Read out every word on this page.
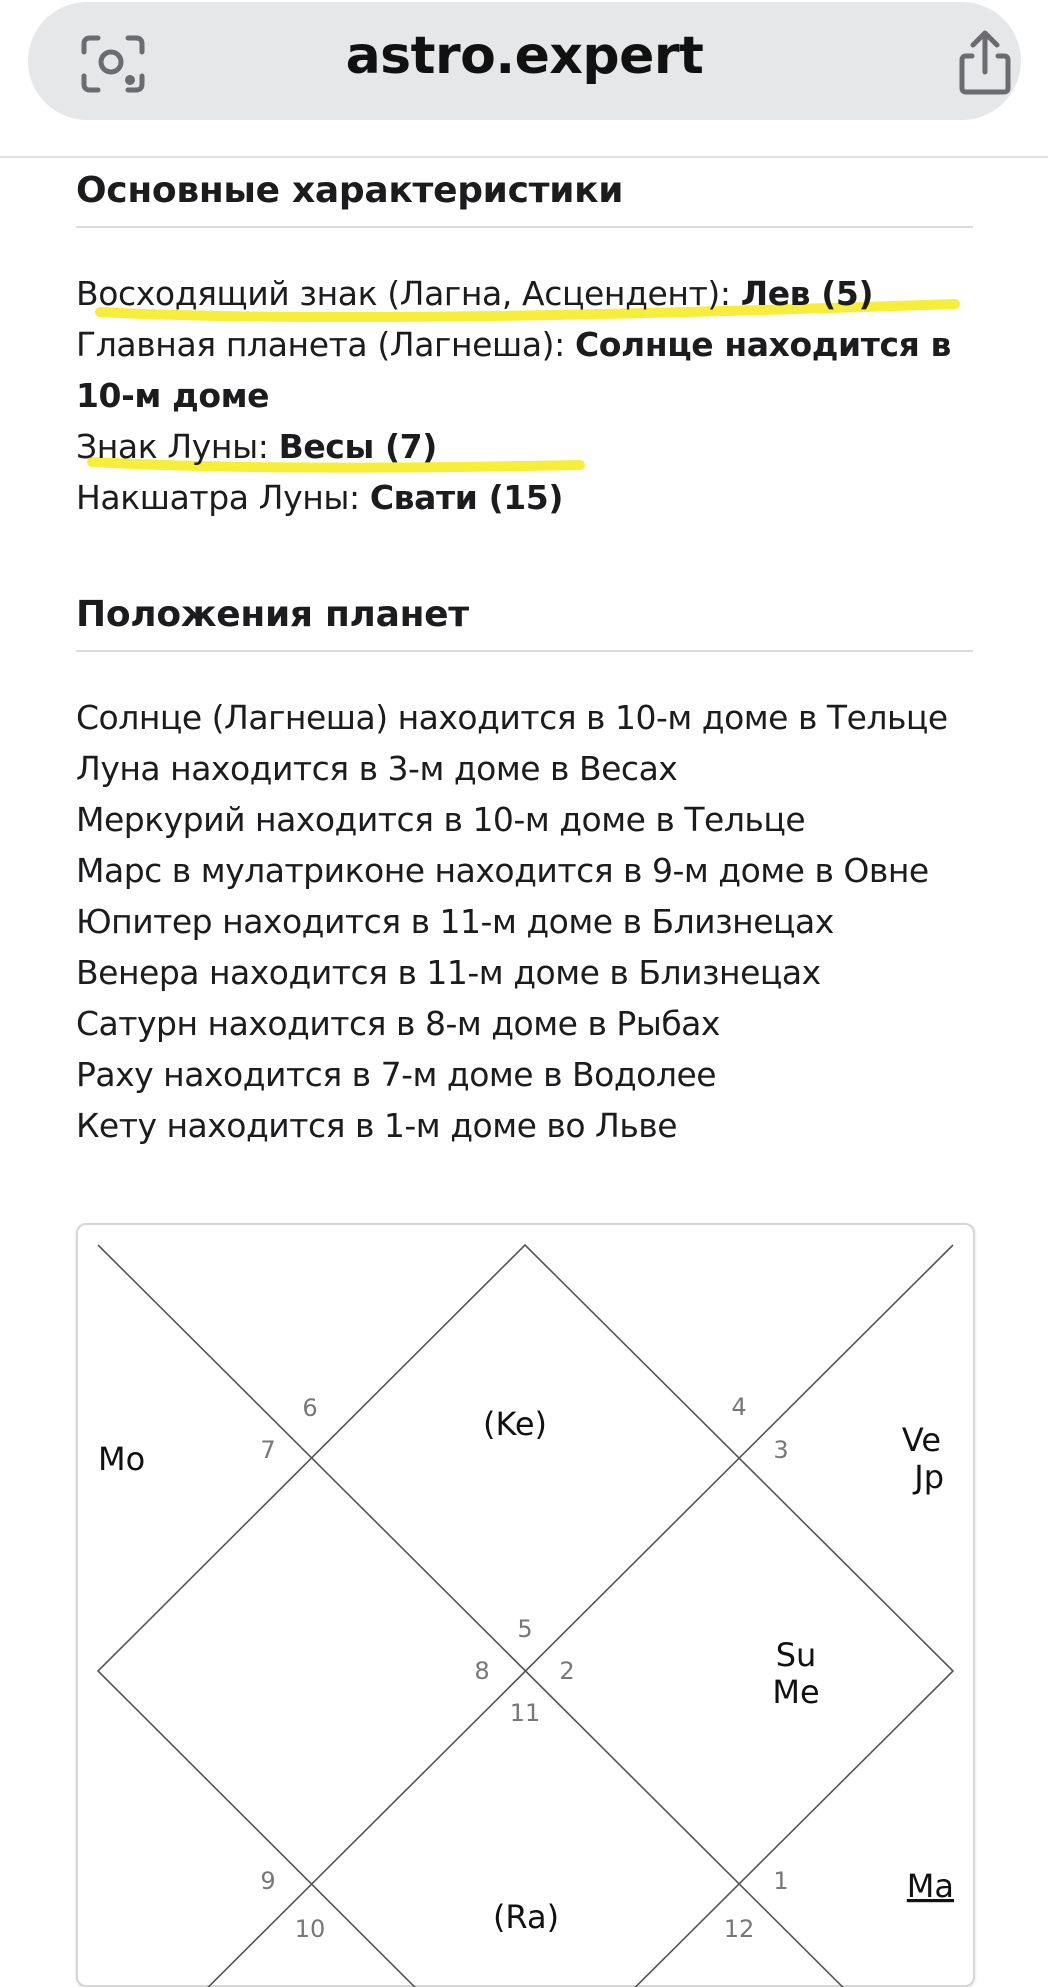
astro.expert
Основные характеристики
Восходящий знак (Лагна, Асцендент): Лев (5)
Главная планета (Лагнеша): Солнце находится в 10-м доме
Знак Луны: Весы (7)
Накшатра Луны: Свати (15)
Положения планет
Солнце (Лагнеша) находится в 10-м доме в Тельце
Луна находится в 3-м доме в Весах
Меркурий находится в 10-м доме в Тельце
Марс в мулатриконе находится в 9-м доме в Овне
Юпитер находится в 11-м доме в Близнецах
Венера находится в 11-м доме в Близнецах
Сатурн находится в 8-м доме в Рыбах
Раху находится в 7-м доме в Водолее
Кету находится в 1-м доме во Льве
6
7
4
3
5
8	2
11
9	1
10	12
Mo
(Ke)	Ve
Jp
Su
Me
(Ra)
Ma
